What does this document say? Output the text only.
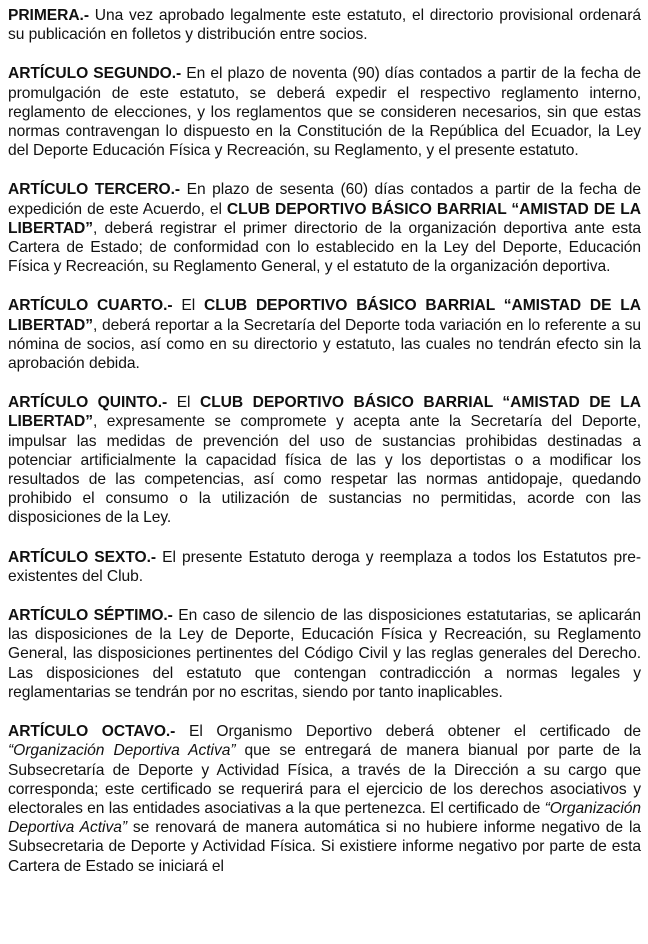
PRIMERA.- Una vez aprobado legalmente este estatuto, el directorio provisional ordenará su publicación en folletos y distribución entre socios.

ARTÍCULO SEGUNDO.- En el plazo de noventa (90) días contados a partir de la fecha de promulgación de este estatuto, se deberá expedir el respectivo reglamento interno, reglamento de elecciones, y los reglamentos que se consideren necesarios, sin que estas normas contravengan lo dispuesto en la Constitución de la República del Ecuador, la Ley del Deporte Educación Física y Recreación, su Reglamento, y el presente estatuto.

ARTÍCULO TERCERO.- En plazo de sesenta (60) días contados a partir de la fecha de expedición de este Acuerdo, el CLUB DEPORTIVO BÁSICO BARRIAL “AMISTAD DE LA LIBERTAD”, deberá registrar el primer directorio de la organización deportiva ante esta Cartera de Estado; de conformidad con lo establecido en la Ley del Deporte, Educación Física y Recreación, su Reglamento General, y el estatuto de la organización deportiva.

ARTÍCULO CUARTO.- El CLUB DEPORTIVO BÁSICO BARRIAL “AMISTAD DE LA LIBERTAD”, deberá reportar a la Secretaría del Deporte toda variación en lo referente a su nómina de socios, así como en su directorio y estatuto, las cuales no tendrán efecto sin la aprobación debida.

ARTÍCULO QUINTO.- El CLUB DEPORTIVO BÁSICO BARRIAL “AMISTAD DE LA LIBERTAD”, expresamente se compromete y acepta ante la Secretaría del Deporte, impulsar las medidas de prevención del uso de sustancias prohibidas destinadas a potenciar artificialmente la capacidad física de las y los deportistas o a modificar los resultados de las competencias, así como respetar las normas antidopaje, quedando prohibido el consumo o la utilización de sustancias no permitidas, acorde con las disposiciones de la Ley.

ARTÍCULO SEXTO.- El presente Estatuto deroga y reemplaza a todos los Estatutos pre-existentes del Club.

ARTÍCULO SÉPTIMO.- En caso de silencio de las disposiciones estatutarias, se aplicarán las disposiciones de la Ley de Deporte, Educación Física y Recreación, su Reglamento General, las disposiciones pertinentes del Código Civil y las reglas generales del Derecho. Las disposiciones del estatuto que contengan contradicción a normas legales y reglamentarias se tendrán por no escritas, siendo por tanto inaplicables.

ARTÍCULO OCTAVO.- El Organismo Deportivo deberá obtener el certificado de “Organización Deportiva Activa” que se entregará de manera bianual por parte de la Subsecretaría de Deporte y Actividad Física, a través de la Dirección a su cargo que corresponda; este certificado se requerirá para el ejercicio de los derechos asociativos y electorales en las entidades asociativas a la que pertenezca. El certificado de “Organización Deportiva Activa” se renovará de manera automática si no hubiere informe negativo de la Subsecretaria de Deporte y Actividad Física. Si existiere informe negativo por parte de esta Cartera de Estado se iniciará el
